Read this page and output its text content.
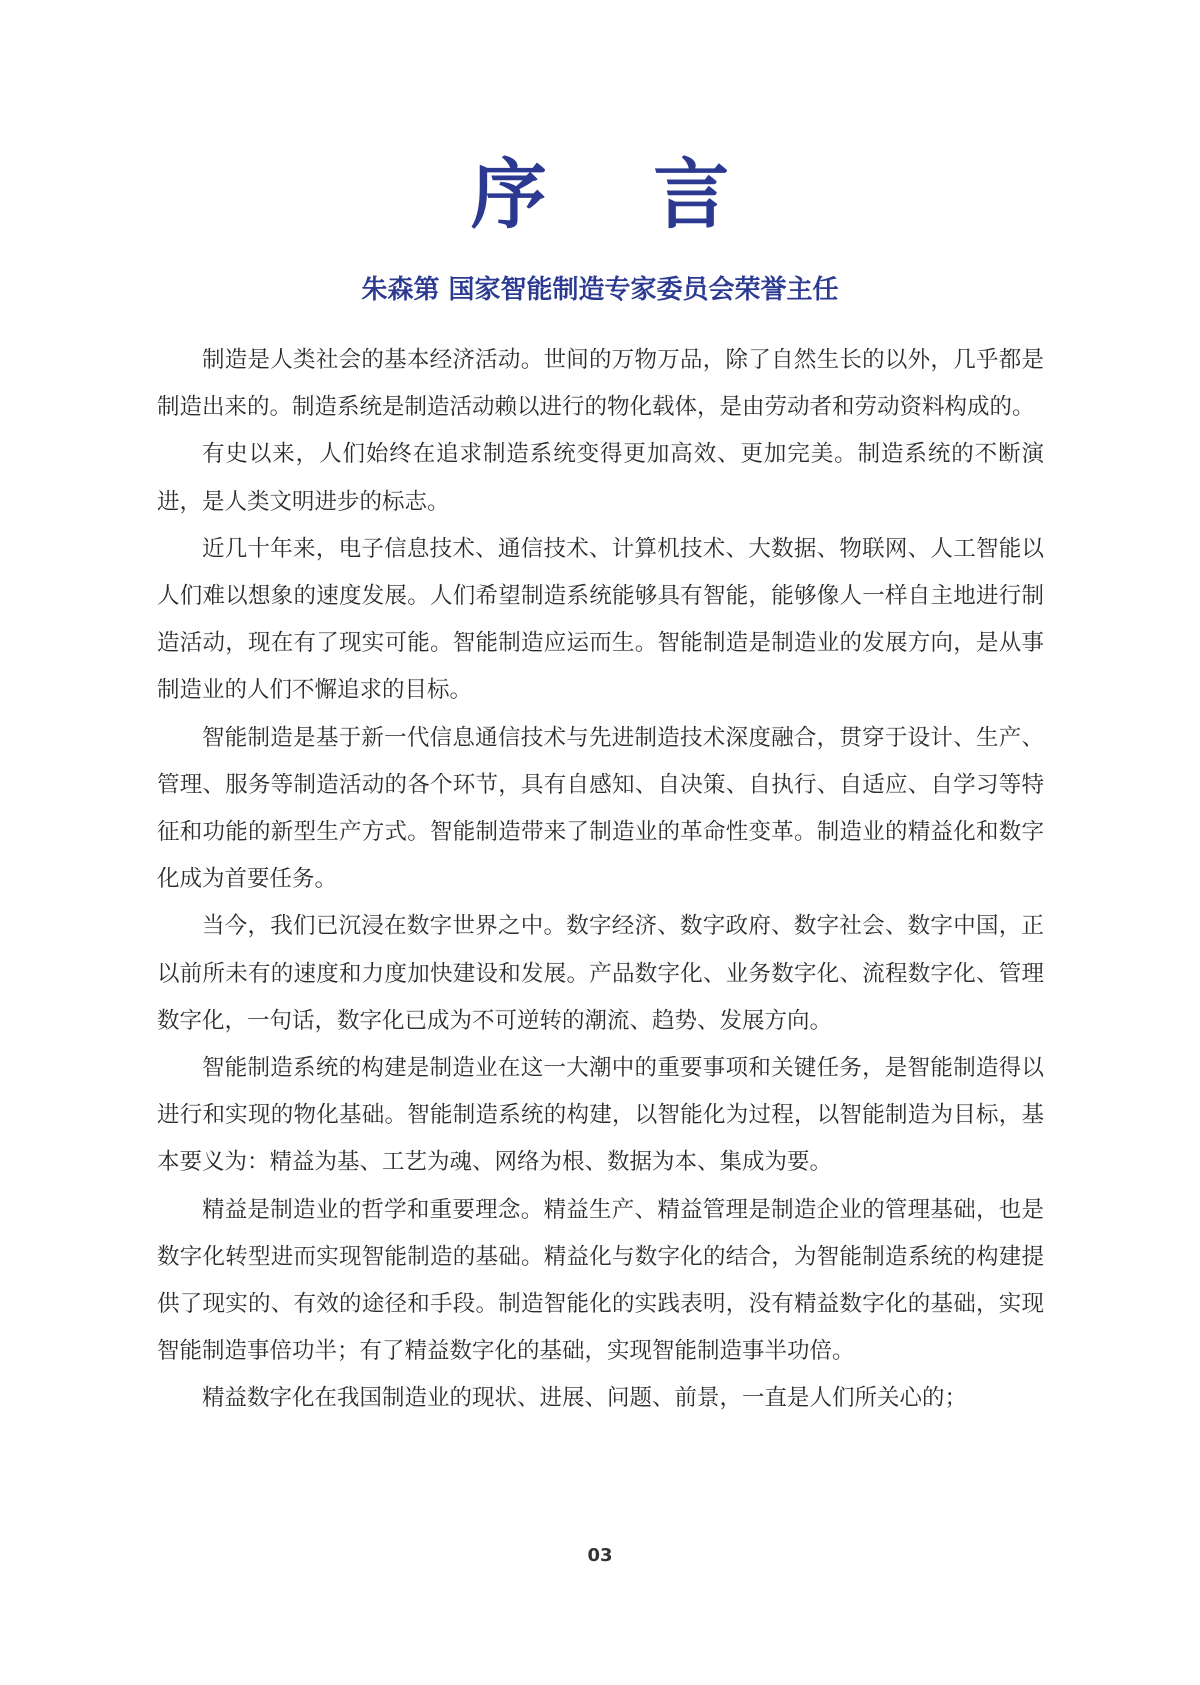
序 言
朱森第 国家智能制造专家委员会荣誉主任

制造是人类社会的基本经济活动。世间的万物万品，除了自然生长的以外，几乎都是制造出来的。制造系统是制造活动赖以进行的物化载体，是由劳动者和劳动资料构成的。

有史以来，人们始终在追求制造系统变得更加高效、更加完美。制造系统的不断演进，是人类文明进步的标志。

近几十年来，电子信息技术、通信技术、计算机技术、大数据、物联网、人工智能以人们难以想象的速度发展。人们希望制造系统能够具有智能，能够像人一样自主地进行制造活动，现在有了现实可能。智能制造应运而生。智能制造是制造业的发展方向，是从事制造业的人们不懈追求的目标。

智能制造是基于新一代信息通信技术与先进制造技术深度融合，贯穿于设计、生产、管理、服务等制造活动的各个环节，具有自感知、自决策、自执行、自适应、自学习等特征和功能的新型生产方式。智能制造带来了制造业的革命性变革。制造业的精益化和数字化成为首要任务。

当今，我们已沉浸在数字世界之中。数字经济、数字政府、数字社会、数字中国，正以前所未有的速度和力度加快建设和发展。产品数字化、业务数字化、流程数字化、管理数字化，一句话，数字化已成为不可逆转的潮流、趋势、发展方向。

智能制造系统的构建是制造业在这一大潮中的重要事项和关键任务，是智能制造得以进行和实现的物化基础。智能制造系统的构建，以智能化为过程，以智能制造为目标，基本要义为：精益为基、工艺为魂、网络为根、数据为本、集成为要。

精益是制造业的哲学和重要理念。精益生产、精益管理是制造企业的管理基础，也是数字化转型进而实现智能制造的基础。精益化与数字化的结合，为智能制造系统的构建提供了现实的、有效的途径和手段。制造智能化的实践表明，没有精益数字化的基础，实现智能制造事倍功半；有了精益数字化的基础，实现智能制造事半功倍。

精益数字化在我国制造业的现状、进展、问题、前景，一直是人们所关心的；

03
